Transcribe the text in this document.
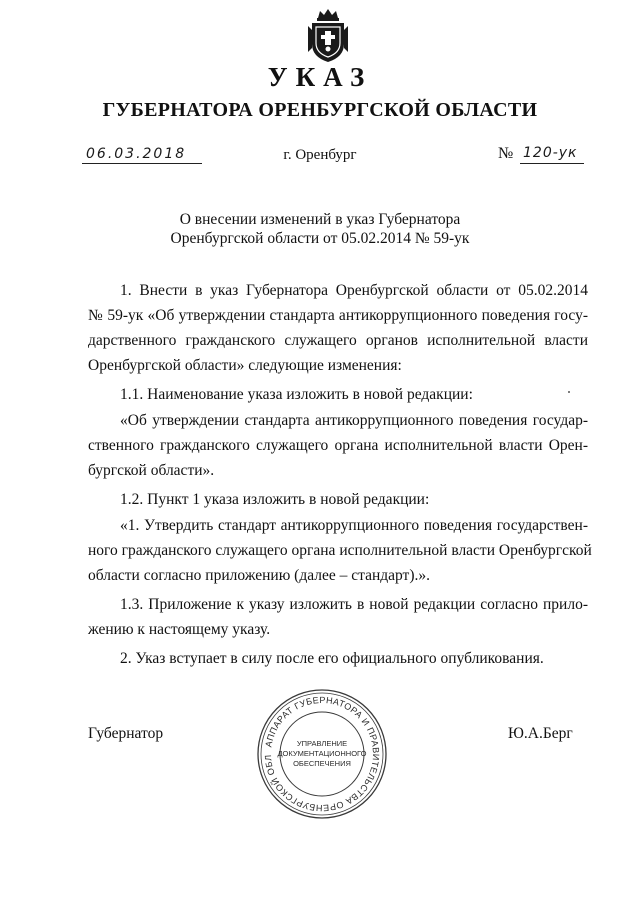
УКАЗ
ГУБЕРНАТОРА ОРЕНБУРГСКОЙ ОБЛАСТИ
06.03.2018	г. Оренбург	№ 120-ук
О внесении изменений в указ Губернатора
Оренбургской области от 05.02.2014 № 59-ук
1. Внести в указ Губернатора Оренбургской области от 05.02.2014
№ 59-ук «Об утверждении стандарта антикоррупционного поведения госу-
дарственного гражданского служащего органов исполнительной власти
Оренбургской области» следующие изменения:
1.1. Наименование указа изложить в новой редакции:
«Об утверждении стандарта антикоррупционного поведения государ-
ственного гражданского служащего органа исполнительной власти Орен-
бургской области».
1.2. Пункт 1 указа изложить в новой редакции:
«1. Утвердить стандарт антикоррупционного поведения государствен-
ного гражданского служащего органа исполнительной власти Оренбургской
области согласно приложению (далее – стандарт).».
1.3. Приложение к указу изложить в новой редакции согласно прило-
жению к настоящему указу.
2. Указ вступает в силу после его официального опубликования.
Губернатор	Ю.А.Берг
АППАРАТ ГУБЕРНАТОРА И ПРАВИТЕЛЬСТВА ОРЕНБУРГСКОЙ ОБЛ
УПРАВЛЕНИЕ
ДОКУМЕНТАЦИОННОГО
ОБЕСПЕЧЕНИЯ
